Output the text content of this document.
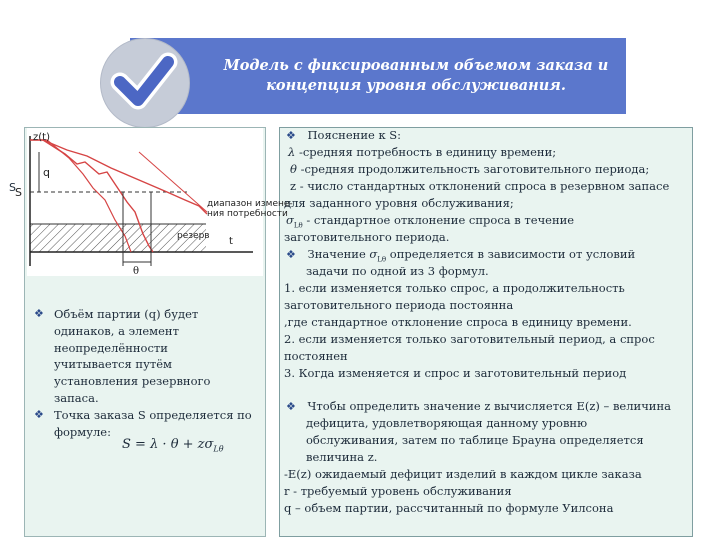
Модель с фиксированным объемом заказа и
концепция уровня обслуживания.
z(t)
S
q
диапазон измене-
ния потребности
резерв t
θ
S
❖ Объём партии (q) будет
одинаков, а элемент
неопределённости
учитывается путём
установления резервного
запаса.
❖ Точка заказа S определяется по
формуле:
$S = \lambda \cdot \theta + z\sigma_{L\theta}$
❖ Пояснение к S:
λ -средняя потребность в единицу времени;
θ -средняя продолжительность заготовительного периода;
z - число стандартных отклонений спроса в резервном запасе
для заданного уровня обслуживания;
$\sigma_{L\theta}$ - стандартное отклонение спроса в течение
заготовительного периода.
❖ Значение $\sigma_{L\theta}$ определяется в зависимости от условий
задачи по одной из 3 формул.
1. если изменяется только спрос, а продолжительность
заготовительного периода постоянна
,где стандартное отклонение спроса в единицу времени.
2. если изменяется только заготовительный период, а спрос
постоянен
3. Когда изменяется и спрос и заготовительный период
❖ Чтобы определить значение z вычисляется E(z) – величина
дефицита, удовлетворяющая данному уровню
обслуживания, затем по таблице Брауна определяется
величина z.
-E(z) ожидаемый дефицит изделий в каждом цикле заказа
r - требуемый уровень обслуживания
q – объем партии, рассчитанный по формуле Уилсона
